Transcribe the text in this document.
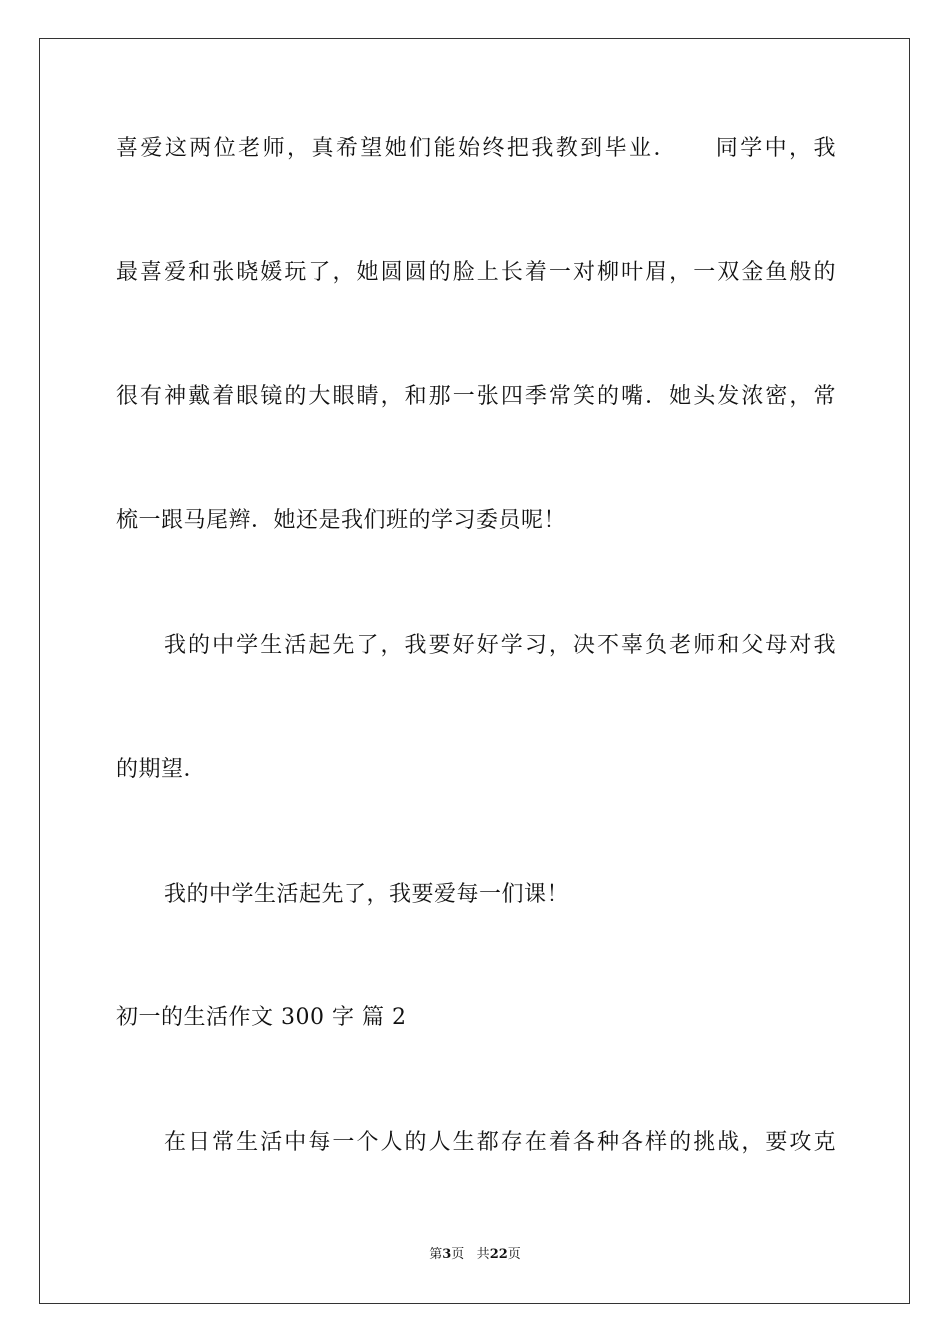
喜爱这两位老师，真希望她们能始终把我教到毕业．　　同学中，我
最喜爱和张晓媛玩了，她圆圆的脸上长着一对柳叶眉，一双金鱼般的
很有神戴着眼镜的大眼睛，和那一张四季常笑的嘴．她头发浓密，常
梳一跟马尾辫．她还是我们班的学习委员呢！
我的中学生活起先了，我要好好学习，决不辜负老师和父母对我
的期望．
我的中学生活起先了，我要爱每一们课！
初一的生活作文 300 字 篇 2
在日常生活中每一个人的人生都存在着各种各样的挑战，要攻克
第3页 共22页
